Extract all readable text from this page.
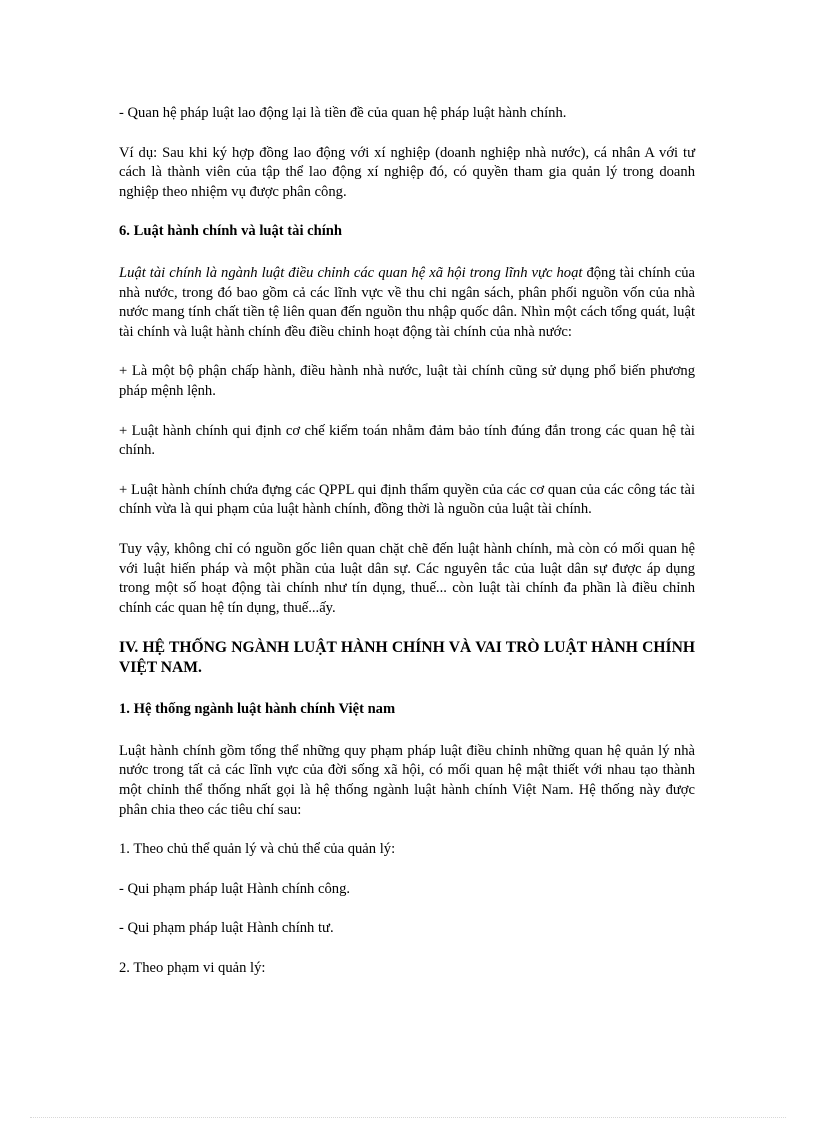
- Quan hệ pháp luật lao động lại là tiền đề của quan hệ pháp luật hành chính.

Ví dụ: Sau khi ký hợp đồng lao động với xí nghiệp (doanh nghiệp nhà nước), cá nhân A với tư cách là thành viên của tập thể lao động xí nghiệp đó, có quyền tham gia quản lý trong doanh nghiệp theo nhiệm vụ được phân công.

6. Luật hành chính và luật tài chính

Luật tài chính là ngành luật điều chỉnh các quan hệ xã hội trong lĩnh vực hoạt động tài chính của nhà nước, trong đó bao gồm cả các lĩnh vực về thu chi ngân sách, phân phối nguồn vốn của nhà nước mang tính chất tiền tệ liên quan đến nguồn thu nhập quốc dân. Nhìn một cách tổng quát, luật tài chính và luật hành chính đều điều chỉnh hoạt động tài chính của nhà nước:

+ Là một bộ phận chấp hành, điều hành nhà nước, luật tài chính cũng sử dụng phổ biến phương pháp mệnh lệnh.

+ Luật hành chính qui định cơ chế kiểm toán nhằm đảm bảo tính đúng đắn trong các quan hệ tài chính.

+ Luật hành chính chứa đựng các QPPL qui định thẩm quyền của các cơ quan của các công tác tài chính vừa là qui phạm của luật hành chính, đồng thời là nguồn của luật tài chính.

Tuy vậy, không chỉ có nguồn gốc liên quan chặt chẽ đến luật hành chính, mà còn có mối quan hệ với luật hiến pháp và một phần của luật dân sự. Các nguyên tắc của luật dân sự được áp dụng trong một số hoạt động tài chính như tín dụng, thuế... còn luật tài chính đa phần là điều chỉnh chính các quan hệ tín dụng, thuế...ấy.

IV. HỆ THỐNG NGÀNH LUẬT HÀNH CHÍNH VÀ VAI TRÒ LUẬT HÀNH CHÍNH VIỆT NAM.
1. Hệ thống ngành luật hành chính Việt nam

Luật hành chính gồm tổng thể những quy phạm pháp luật điều chỉnh những quan hệ quản lý nhà nước trong tất cả các lĩnh vực của đời sống xã hội, có mối quan hệ mật thiết với nhau tạo thành một chỉnh thể thống nhất gọi là hệ thống ngành luật hành chính Việt Nam. Hệ thống này được phân chia theo các tiêu chí sau:

1. Theo chủ thể quản lý và chủ thể của quản lý:

- Qui phạm pháp luật Hành chính công.

- Qui phạm pháp luật Hành chính tư.

2. Theo phạm vi quản lý:
